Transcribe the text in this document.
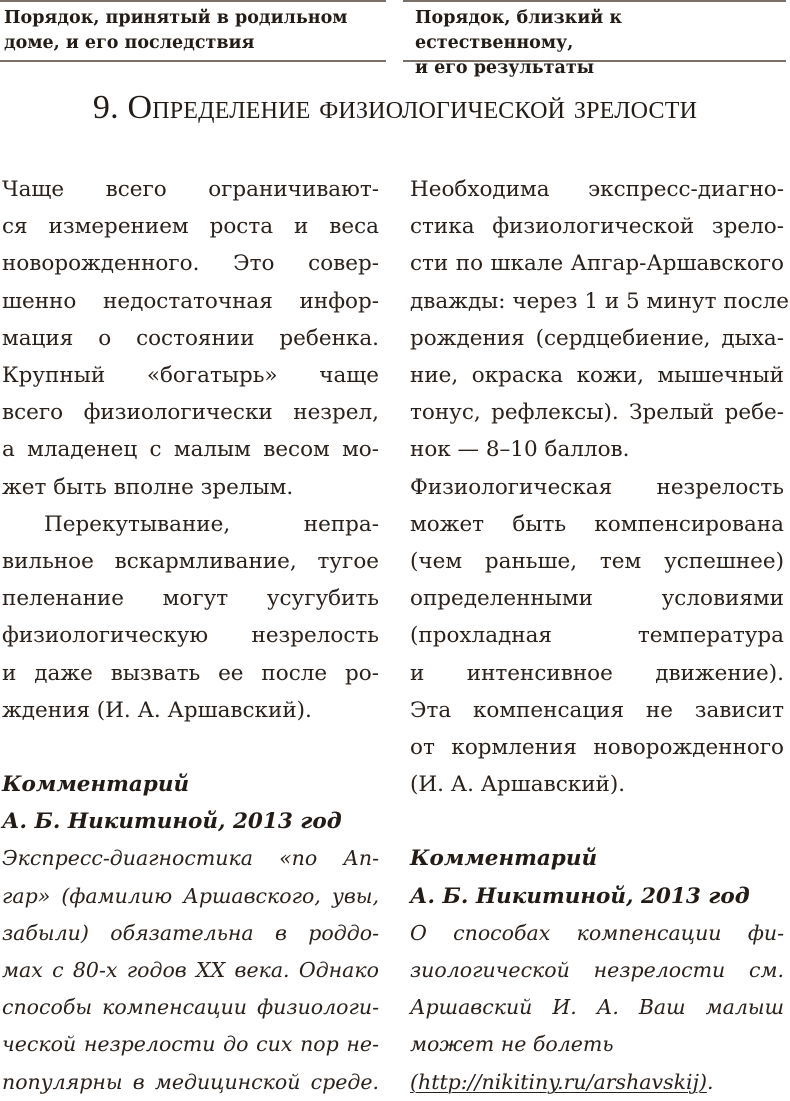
Порядок, принятый в родильном
доме, и его последствия
Порядок, близкий к естественному,
и его результаты
9. Определение физиологической зрелости

Чаще всего ограничивают-
ся измерением роста и веса
новорожденного. Это совер-
шенно недостаточная инфор-
мация о состоянии ребенка.
Крупный «богатырь» чаще
всего физиологически незрел,
а младенец с малым весом мо-
жет быть вполне зрелым.

Перекутывание, непра-
вильное вскармливание, тугое
пеленание могут усугубить
физиологическую незрелость
и даже вызвать ее после ро-
ждения (И. А. Аршавский).

Комментарий
А. Б. Никитиной, 2013 год
Экспресс-диагностика «по Ап-
гар» (фамилию Аршавского, увы,
забыли) обязательна в роддо-
мах с 80-х годов XX века. Однако
способы компенсации физиологи-
ческой незрелости до сих пор не-
популярны в медицинской среде.

Необходима экспресс-диагно-
стика физиологической зрело-
сти по шкале Апгар-Аршавского
дважды: через 1 и 5 минут после
рождения (сердцебиение, дыха-
ние, окраска кожи, мышечный
тонус, рефлексы). Зрелый ребе-
нок — 8–10 баллов.

Физиологическая незрелость
может быть компенсирована
(чем раньше, тем успешнее)
определенными условиями
(прохладная температура
и интенсивное движение).
Эта компенсация не зависит
от кормления новорожденного
(И. А. Аршавский).

Комментарий
А. Б. Никитиной, 2013 год
О способах компенсации фи-
зиологической незрелости см.
Аршавский И. А. Ваш малыш
может не болеть
(http://nikitiny.ru/arshavskij).
